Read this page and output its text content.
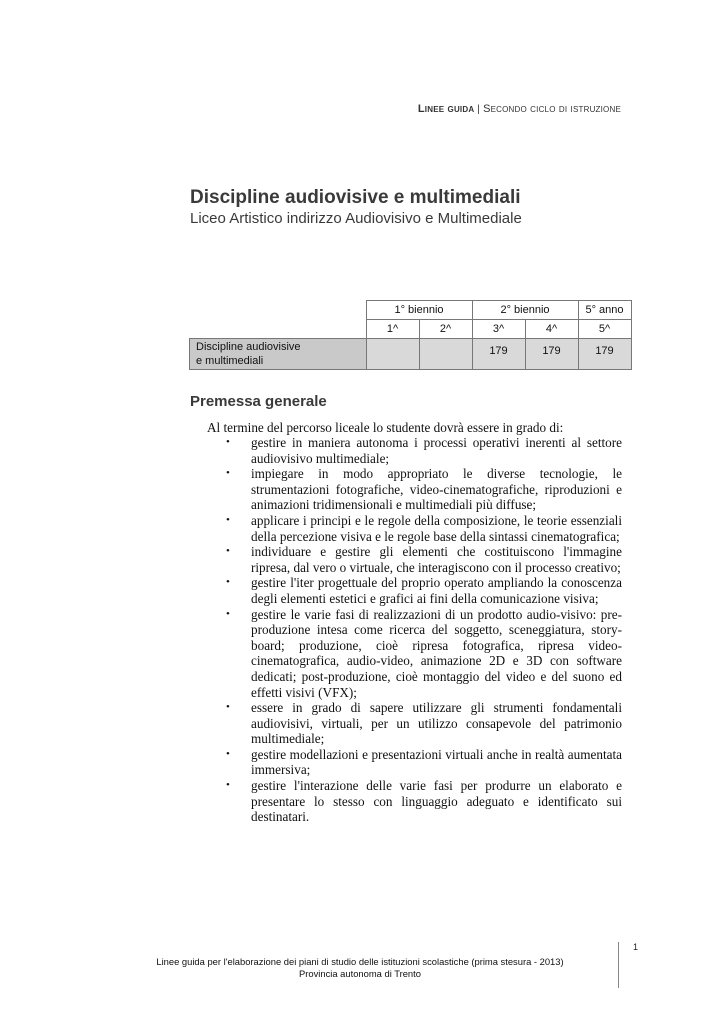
Linee guida | Secondo ciclo di istruzione
Discipline audiovisive e multimediali
Liceo Artistico indirizzo Audiovisivo e Multimediale
	1° biennio		2° biennio		5° anno
	1^	2^	3^	4^	5^
Discipline audiovisive
e multimediali			179	179	179
Premessa generale
Al termine del percorso liceale lo studente dovrà essere in grado di:
• gestire in maniera autonoma i processi operativi inerenti al settore audiovisivo multimediale;
• impiegare in modo appropriato le diverse tecnologie, le strumentazioni fotografiche, video-cinematografiche, riproduzioni e animazioni tridimensionali e multimediali più diffuse;
• applicare i principi e le regole della composizione, le teorie essenziali della percezione visiva e le regole base della sintassi cinematografica;
• individuare e gestire gli elementi che costituiscono l'immagine ripresa, dal vero o virtuale, che interagiscono con il processo creativo;
• gestire l'iter progettuale del proprio operato ampliando la conoscenza degli elementi estetici e grafici ai fini della comunicazione visiva;
• gestire le varie fasi di realizzazioni di un prodotto audio-visivo: pre-produzione intesa come ricerca del soggetto, sceneggiatura, story-board; produzione, cioè ripresa fotografica, ripresa video-cinematografica, audio-video, animazione 2D e 3D con software dedicati; post-produzione, cioè montaggio del video e del suono ed effetti visivi (VFX);
• essere in grado di sapere utilizzare gli strumenti fondamentali audiovisivi, virtuali, per un utilizzo consapevole del patrimonio multimediale;
• gestire modellazioni e presentazioni virtuali anche in realtà aumentata immersiva;
• gestire l'interazione delle varie fasi per produrre un elaborato e presentare lo stesso con linguaggio adeguato e identificato sui destinatari.
1
Linee guida per l'elaborazione dei piani di studio delle istituzioni scolastiche (prima stesura - 2013)
Provincia autonoma di Trento
